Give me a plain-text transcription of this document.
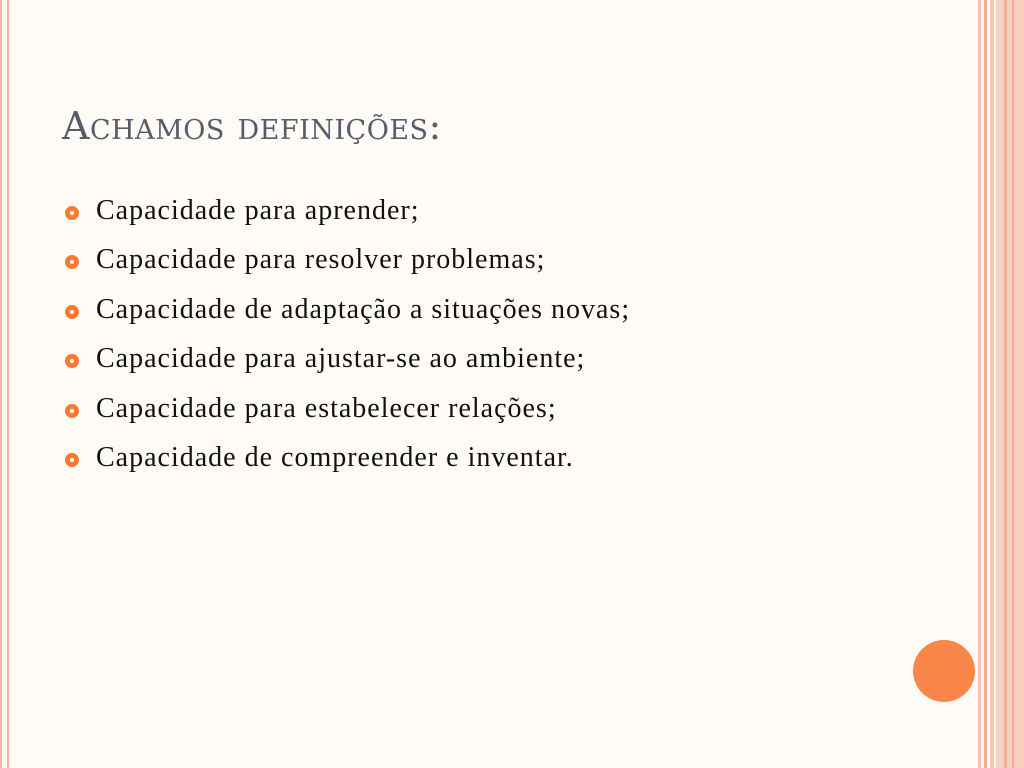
Achamos definições:
Capacidade para aprender;
Capacidade para resolver problemas;
Capacidade de adaptação a situações novas;
Capacidade para ajustar-se ao ambiente;
Capacidade para estabelecer relações;
Capacidade de compreender e inventar.
